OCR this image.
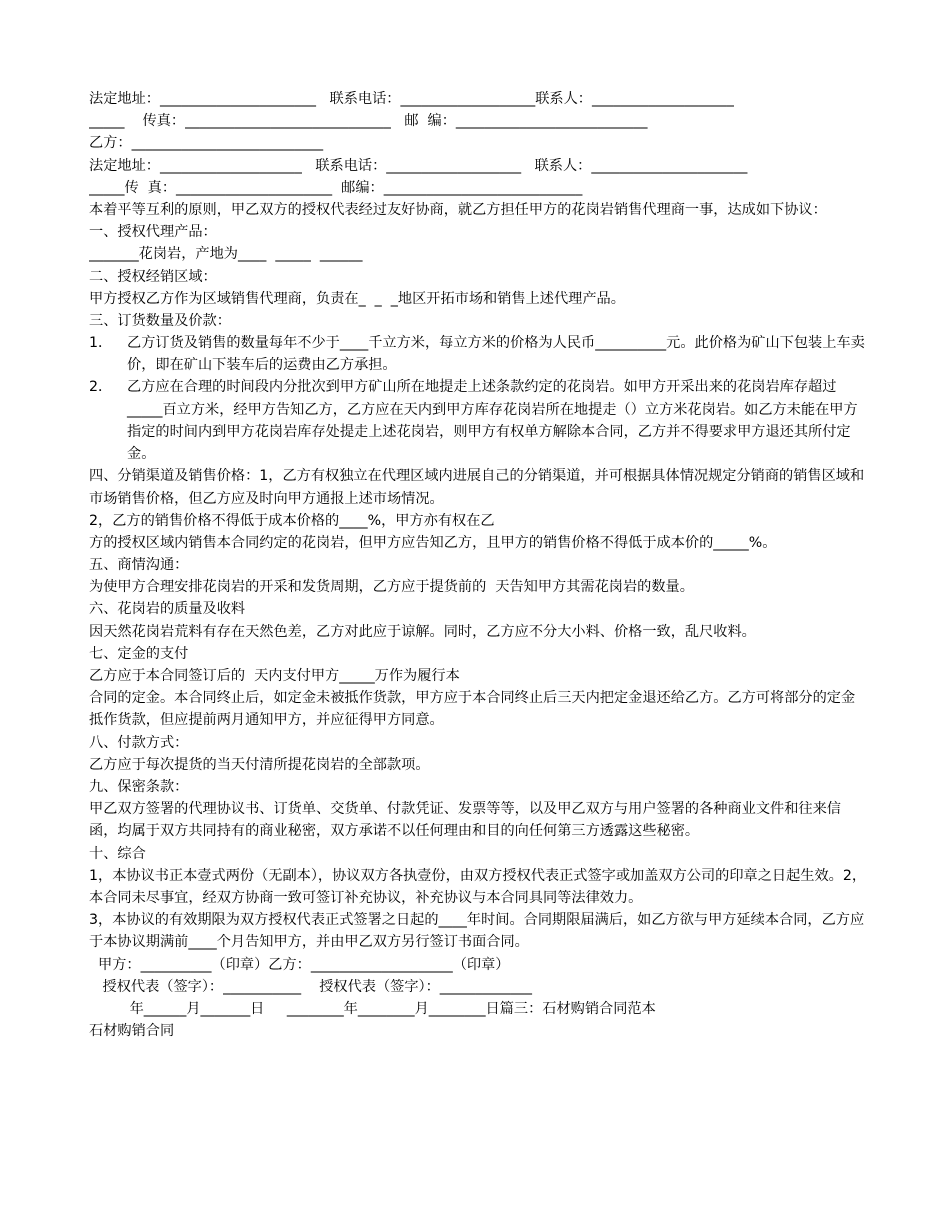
法定地址：______________________   联系电话：___________________联系人：____________________
_____    传真：_____________________________   邮  编：___________________________
乙方：___________________________
法定地址：____________________   联系电话：___________________   联系人：______________________
_____传  真：______________________  邮编：____________________________
本着平等互利的原则，甲乙双方的授权代表经过友好协商，就乙方担任甲方的花岗岩销售代理商一事，达成如下协议：
一、授权代理产品：
_______花岗岩，产地为____  _____  ______
二、授权经销区域：
甲方授权乙方作为区域销售代理商，负责在_  _  _地区开拓市场和销售上述代理产品。
三、订货数量及价款：
1．	乙方订货及销售的数量每年不少于____千立方米，每立方米的价格为人民币__________元。此价格为矿山下包装上车卖价，即在矿山下装车后的运费由乙方承担。
2．	乙方应在合理的时间段内分批次到甲方矿山所在地提走上述条款约定的花岗岩。如甲方开采出来的花岗岩库存超过_____百立方米，经甲方告知乙方，乙方应在天内到甲方库存花岗岩所在地提走（）立方米花岗岩。如乙方未能在甲方指定的时间内到甲方花岗岩库存处提走上述花岗岩，则甲方有权单方解除本合同，乙方并不得要求甲方退还其所付定金。
四、分销渠道及销售价格：1，乙方有权独立在代理区域内进展自己的分销渠道，并可根据具体情况规定分销商的销售区域和市场销售价格，但乙方应及时向甲方通报上述市场情况。
2，乙方的销售价格不得低于成本价格的____%，甲方亦有权在乙
方的授权区域内销售本合同约定的花岗岩，但甲方应告知乙方，且甲方的销售价格不得低于成本价的_____%。
五、商情沟通：
为使甲方合理安排花岗岩的开采和发货周期，乙方应于提货前的  天告知甲方其需花岗岩的数量。
六、花岗岩的质量及收料
因天然花岗岩荒料有存在天然色差，乙方对此应于谅解。同时，乙方应不分大小料、价格一致，乱尺收料。
七、定金的支付
乙方应于本合同签订后的  天内支付甲方_____万作为履行本
合同的定金。本合同终止后，如定金未被抵作货款，甲方应于本合同终止后三天内把定金退还给乙方。乙方可将部分的定金抵作货款，但应提前两月通知甲方，并应征得甲方同意。
八、付款方式：
乙方应于每次提货的当天付清所提花岗岩的全部款项。
九、保密条款：
甲乙双方签署的代理协议书、订货单、交货单、付款凭证、发票等等，以及甲乙双方与用户签署的各种商业文件和往来信函，均属于双方共同持有的商业秘密，双方承诺不以任何理由和目的向任何第三方透露这些秘密。
十、综合
1，本协议书正本壹式两份（无副本），协议双方各执壹份，由双方授权代表正式签字或加盖双方公司的印章之日起生效。2，本合同未尽事宜，经双方协商一致可签订补充协议，补充协议与本合同具同等法律效力。
3，本协议的有效期限为双方授权代表正式签署之日起的____年时间。合同期限届满后，如乙方欲与甲方延续本合同，乙方应于本协议期满前____个月告知甲方，并由甲乙双方另行签订书面合同。
甲方：__________（印章）乙方：____________________（印章）
授权代表（签字）：___________    授权代表（签字）：_____________
年______月_______日     ________年________月________日篇三：石材购销合同范本
石材购销合同
